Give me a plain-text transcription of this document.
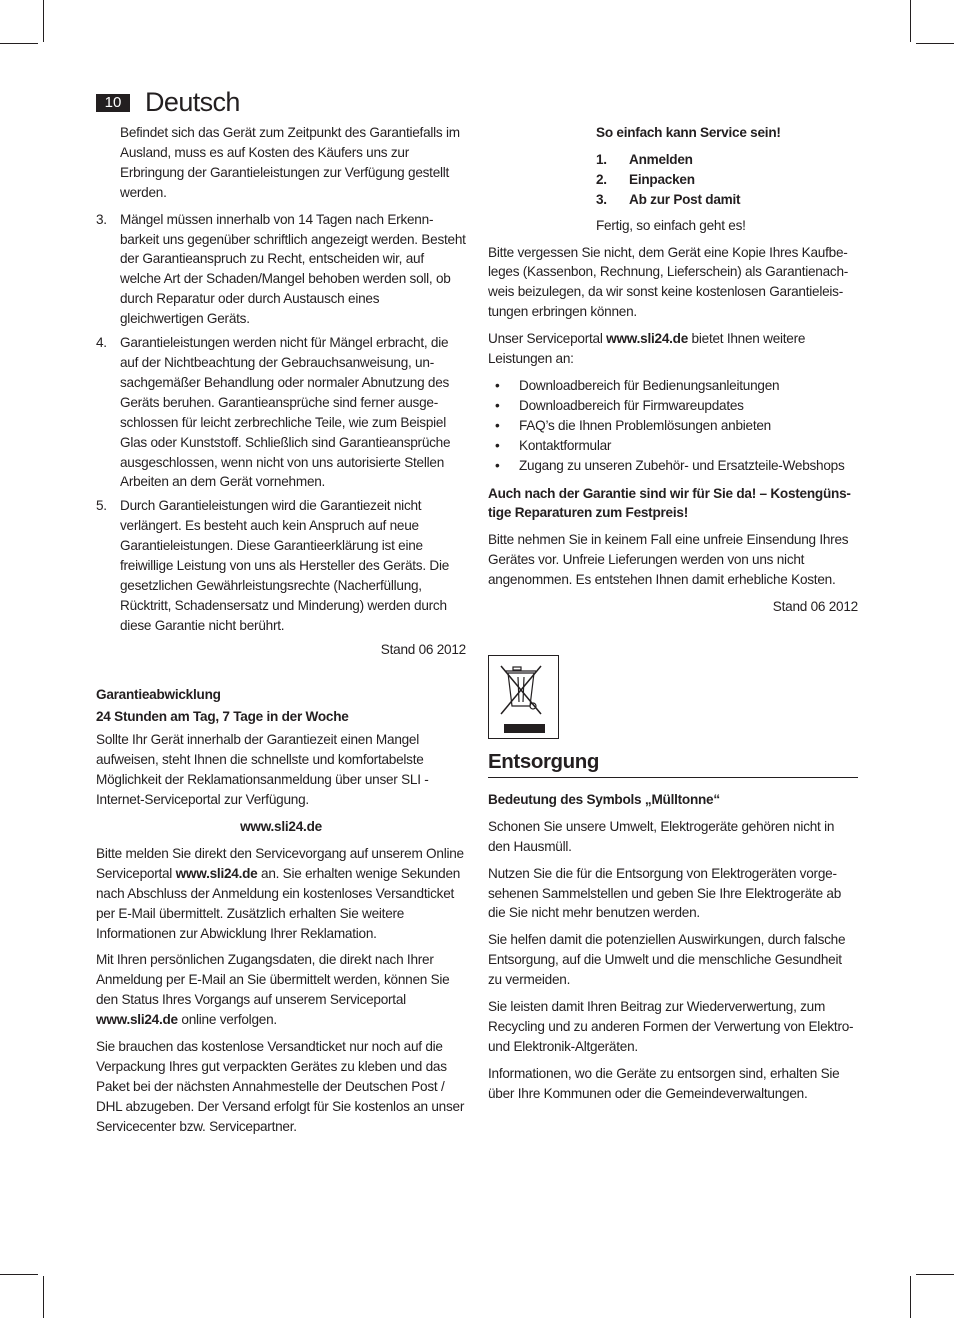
10 Deutsch

Befindet sich das Gerät zum Zeitpunkt des Garantiefalls im Ausland, muss es auf Kosten des Käufers uns zur Erbringung der Garantieleistungen zur Verfügung gestellt werden.

3. Mängel müssen innerhalb von 14 Tagen nach Erkennbarkeit uns gegenüber schriftlich angezeigt werden. Besteht der Garantieanspruch zu Recht, entscheiden wir, auf welche Art der Schaden/Mangel behoben werden soll, ob durch Reparatur oder durch Austausch eines gleichwertigen Geräts.
4. Garantieleistungen werden nicht für Mängel erbracht, die auf der Nichtbeachtung der Gebrauchsanweisung, unsachgemäßer Behandlung oder normaler Abnutzung des Geräts beruhen. Garantieansprüche sind ferner ausgeschlossen für leicht zerbrechliche Teile, wie zum Beispiel Glas oder Kunststoff. Schließlich sind Garantieansprüche ausgeschlossen, wenn nicht von uns autorisierte Stellen Arbeiten an dem Gerät vornehmen.
5. Durch Garantieleistungen wird die Garantiezeit nicht verlängert. Es besteht auch kein Anspruch auf neue Garantieleistungen. Diese Garantieerklärung ist eine freiwillige Leistung von uns als Hersteller des Geräts. Die gesetzlichen Gewährleistungsrechte (Nacherfüllung, Rücktritt, Schadensersatz und Minderung) werden durch diese Garantie nicht berührt.

Stand 06 2012

Garantieabwicklung

24 Stunden am Tag, 7 Tage in der Woche

Sollte Ihr Gerät innerhalb der Garantiezeit einen Mangel aufweisen, steht Ihnen die schnellste und komfortabelste Möglichkeit der Reklamationsanmeldung über unser SLI - Internet-Serviceportal zur Verfügung.

www.sli24.de

Bitte melden Sie direkt den Servicevorgang auf unserem Online Serviceportal www.sli24.de an. Sie erhalten wenige Sekunden nach Abschluss der Anmeldung ein kostenloses Versandticket per E-Mail übermittelt. Zusätzlich erhalten Sie weitere Informationen zur Abwicklung Ihrer Reklamation.

Mit Ihren persönlichen Zugangsdaten, die direkt nach Ihrer Anmeldung per E-Mail an Sie übermittelt werden, können Sie den Status Ihres Vorgangs auf unserem Serviceportal www.sli24.de online verfolgen.

Sie brauchen das kostenlose Versandticket nur noch auf die Verpackung Ihres gut verpackten Gerätes zu kleben und das Paket bei der nächsten Annahmestelle der Deutschen Post / DHL abzugeben. Der Versand erfolgt für Sie kostenlos an unser Servicecenter bzw. Servicepartner.

So einfach kann Service sein!

1. Anmelden
2. Einpacken
3. Ab zur Post damit

Fertig, so einfach geht es!

Bitte vergessen Sie nicht, dem Gerät eine Kopie Ihres Kaufbeleges (Kassenbon, Rechnung, Lieferschein) als Garantienachweis beizulegen, da wir sonst keine kostenlosen Garantieleistungen erbringen können.

Unser Serviceportal www.sli24.de bietet Ihnen weitere Leistungen an:

• Downloadbereich für Bedienungsanleitungen
• Downloadbereich für Firmwareupdates
• FAQ’s die Ihnen Problemlösungen anbieten
• Kontaktformular
• Zugang zu unseren Zubehör- und Ersatzteile-Webshops

Auch nach der Garantie sind wir für Sie da! – Kostengünstige Reparaturen zum Festpreis!

Bitte nehmen Sie in keinem Fall eine unfreie Einsendung Ihres Gerätes vor. Unfreie Lieferungen werden von uns nicht angenommen. Es entstehen Ihnen damit erhebliche Kosten.

Stand 06 2012

Entsorgung

Bedeutung des Symbols „Mülltonne“

Schonen Sie unsere Umwelt, Elektrogeräte gehören nicht in den Hausmüll.

Nutzen Sie die für die Entsorgung von Elektrogeräten vorgesehenen Sammelstellen und geben Sie Ihre Elektrogeräte ab die Sie nicht mehr benutzen werden.

Sie helfen damit die potenziellen Auswirkungen, durch falsche Entsorgung, auf die Umwelt und die menschliche Gesundheit zu vermeiden.

Sie leisten damit Ihren Beitrag zur Wiederverwertung, zum Recycling und zu anderen Formen der Verwertung von Elektro- und Elektronik-Altgeräten.

Informationen, wo die Geräte zu entsorgen sind, erhalten Sie über Ihre Kommunen oder die Gemeindeverwaltungen.
